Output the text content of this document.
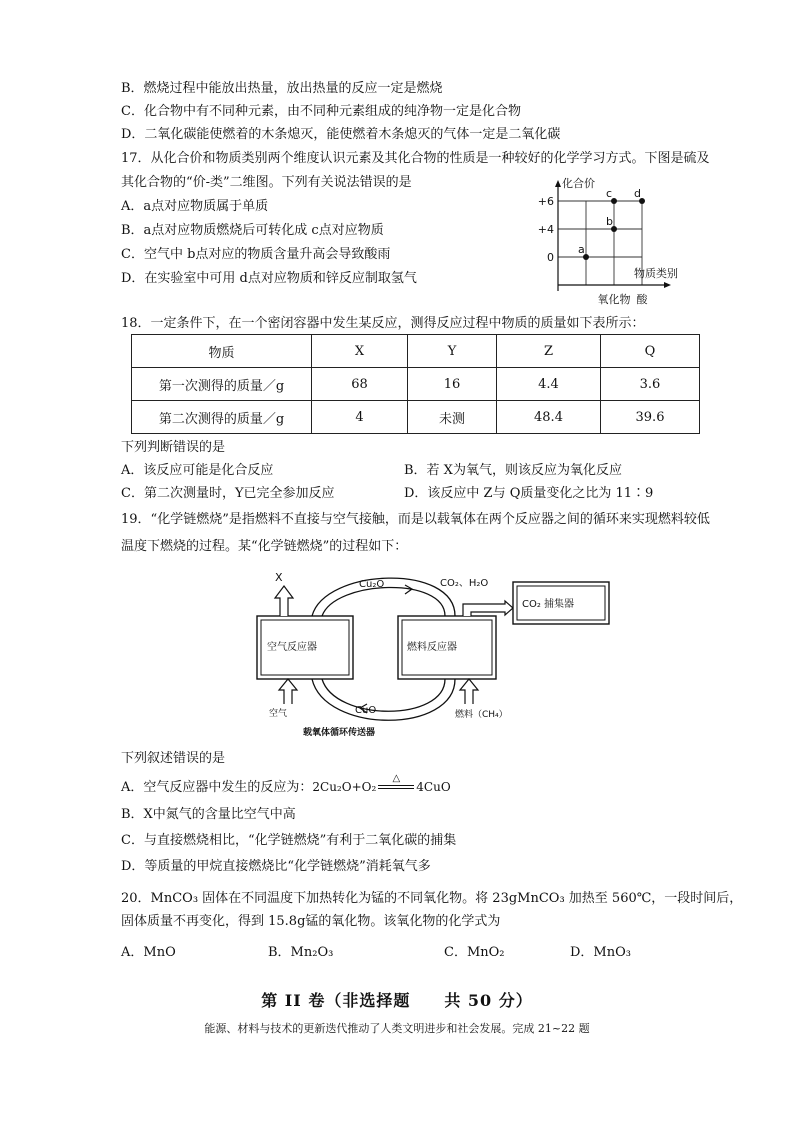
B．燃烧过程中能放出热量，放出热量的反应一定是燃烧
C．化合物中有不同种元素，由不同种元素组成的纯净物一定是化合物
D．二氧化碳能使燃着的木条熄灭，能使燃着木条熄灭的气体一定是二氧化碳
17．从化合价和物质类别两个维度认识元素及其化合物的性质是一种较好的化学学习方式。下图是硫及
其化合物的“价-类”二维图。下列有关说法错误的是
A．a点对应物质属于单质
B．a点对应物质燃烧后可转化成 c点对应物质
C．空气中 b点对应的物质含量升高会导致酸雨
D．在实验室中可用 d点对应物质和锌反应制取氢气
化合价
物质类别
+6
+4
0
氧化物 酸
a
b
c d
18．一定条件下，在一个密闭容器中发生某反应，测得反应过程中物质的质量如下表所示：
物质	X	Y	Z	Q
第一次测得的质量／g	68	16	4.4	3.6
第二次测得的质量／g	4	未测	48.4	39.6
下列判断错误的是
A．该反应可能是化合反应	B．若 X为氧气，则该反应为氧化反应
C．第二次测量时，Y已完全参加反应	D．该反应中 Z与 Q质量变化之比为 11∶9
19．“化学链燃烧”是指燃料不直接与空气接触，而是以载氧体在两个反应器之间的循环来实现燃料较低
温度下燃烧的过程。某“化学链燃烧”的过程如下：
X
Cu₂O	CO₂、H₂O
CO₂ 捕集器
空气反应器	燃料反应器
空气	CuO	燃料（CH₄）
载氧体循环传送器
下列叙述错误的是
A．空气反应器中发生的反应为：2Cu₂O+O₂
△
4CuO
B．X中氮气的含量比空气中高
C．与直接燃烧相比，“化学链燃烧”有利于二氧化碳的捕集
D．等质量的甲烷直接燃烧比“化学链燃烧”消耗氧气多
20．MnCO₃ 固体在不同温度下加热转化为锰的不同氧化物。将 23gMnCO₃ 加热至 560℃，一段时间后，
固体质量不再变化，得到 15.8g锰的氧化物。该氧化物的化学式为
A．MnO	B．Mn₂O₃	C．MnO₂	D．MnO₃
第 II 卷（非选择题　　共 50 分）
能源、材料与技术的更新迭代推动了人类文明进步和社会发展。完成 21~22 题
